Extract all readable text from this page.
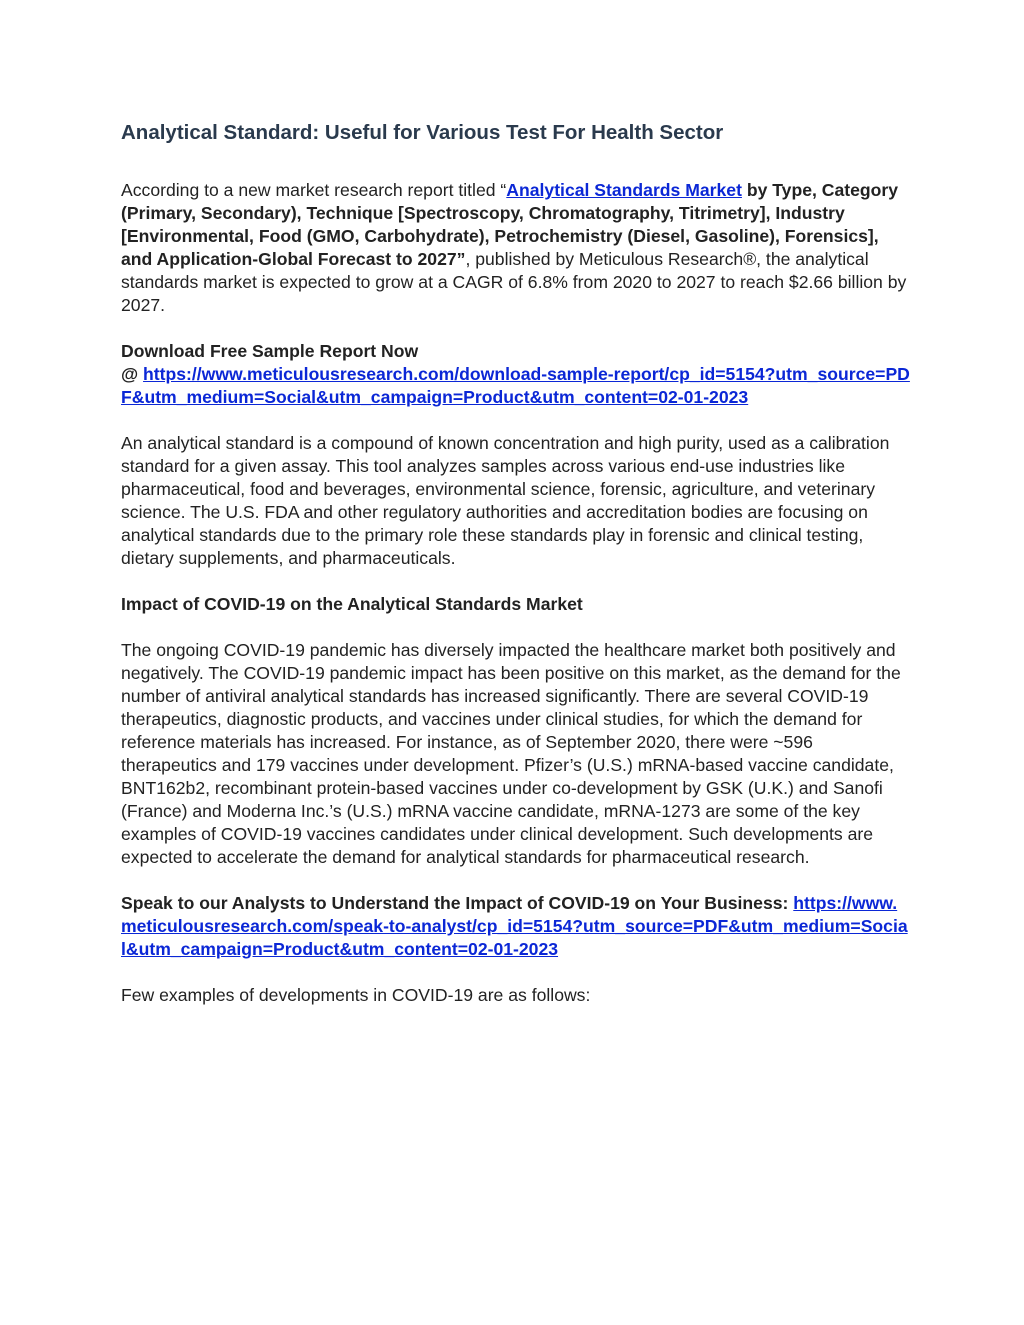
Analytical Standard: Useful for Various Test For Health Sector

According to a new market research report titled “Analytical Standards Market by Type, Category (Primary, Secondary), Technique [Spectroscopy, Chromatography, Titrimetry], Industry [Environmental, Food (GMO, Carbohydrate), Petrochemistry (Diesel, Gasoline), Forensics], and Application-Global Forecast to 2027”, published by Meticulous Research®, the analytical standards market is expected to grow at a CAGR of 6.8% from 2020 to 2027 to reach $2.66 billion by 2027.

Download Free Sample Report Now
@ https://www.meticulousresearch.com/download-sample-report/cp_id=5154?utm_source=PDF&utm_medium=Social&utm_campaign=Product&utm_content=02-01-2023

An analytical standard is a compound of known concentration and high purity, used as a calibration standard for a given assay. This tool analyzes samples across various end-use industries like pharmaceutical, food and beverages, environmental science, forensic, agriculture, and veterinary science. The U.S. FDA and other regulatory authorities and accreditation bodies are focusing on analytical standards due to the primary role these standards play in forensic and clinical testing, dietary supplements, and pharmaceuticals.

Impact of COVID-19 on the Analytical Standards Market

The ongoing COVID-19 pandemic has diversely impacted the healthcare market both positively and negatively. The COVID-19 pandemic impact has been positive on this market, as the demand for the number of antiviral analytical standards has increased significantly. There are several COVID-19 therapeutics, diagnostic products, and vaccines under clinical studies, for which the demand for reference materials has increased. For instance, as of September 2020, there were ~596 therapeutics and 179 vaccines under development. Pfizer’s (U.S.) mRNA-based vaccine candidate, BNT162b2, recombinant protein-based vaccines under co-development by GSK (U.K.) and Sanofi (France) and Moderna Inc.’s (U.S.) mRNA vaccine candidate, mRNA-1273 are some of the key examples of COVID-19 vaccines candidates under clinical development. Such developments are expected to accelerate the demand for analytical standards for pharmaceutical research.

Speak to our Analysts to Understand the Impact of COVID-19 on Your Business: https://www.meticulousresearch.com/speak-to-analyst/cp_id=5154?utm_source=PDF&utm_medium=Social&utm_campaign=Product&utm_content=02-01-2023

Few examples of developments in COVID-19 are as follows:
